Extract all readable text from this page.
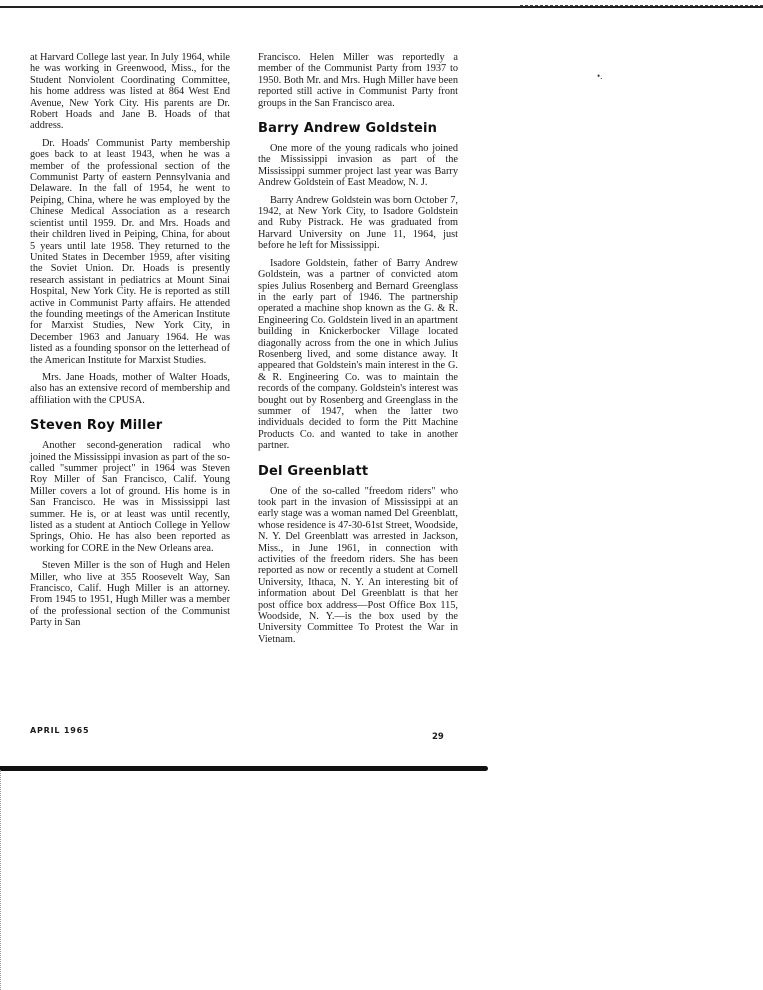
•.

at Harvard College last year. In July 1964, while he was working in Greenwood, Miss., for the Student Nonviolent Coordinating Committee, his home address was listed at 864 West End Avenue, New York City. His parents are Dr. Robert Hoads and Jane B. Hoads of that address.

Dr. Hoads' Communist Party membership goes back to at least 1943, when he was a member of the professional section of the Communist Party of eastern Pennsylvania and Delaware. In the fall of 1954, he went to Peiping, China, where he was employed by the Chinese Medical Association as a research scientist until 1959. Dr. and Mrs. Hoads and their children lived in Peiping, China, for about 5 years until late 1958. They returned to the United States in December 1959, after visiting the Soviet Union. Dr. Hoads is presently research assistant in pediatrics at Mount Sinai Hospital, New York City. He is reported as still active in Communist Party affairs. He attended the founding meetings of the American Institute for Marxist Studies, New York City, in December 1963 and January 1964. He was listed as a founding sponsor on the letterhead of the American Institute for Marxist Studies.

Mrs. Jane Hoads, mother of Walter Hoads, also has an extensive record of membership and affiliation with the CPUSA.

Steven Roy Miller

Another second-generation radical who joined the Mississippi invasion as part of the so-called "summer project" in 1964 was Steven Roy Miller of San Francisco, Calif. Young Miller covers a lot of ground. His home is in San Francisco. He was in Mississippi last summer. He is, or at least was until recently, listed as a student at Antioch College in Yellow Springs, Ohio. He has also been reported as working for CORE in the New Orleans area.

Steven Miller is the son of Hugh and Helen Miller, who live at 355 Roosevelt Way, San Francisco, Calif. Hugh Miller is an attorney. From 1945 to 1951, Hugh Miller was a member of the professional section of the Communist Party in San

Francisco. Helen Miller was reportedly a member of the Communist Party from 1937 to 1950. Both Mr. and Mrs. Hugh Miller have been reported still active in Communist Party front groups in the San Francisco area.

Barry Andrew Goldstein

One more of the young radicals who joined the Mississippi invasion as part of the Mississippi summer project last year was Barry Andrew Goldstein of East Meadow, N. J.

Barry Andrew Goldstein was born October 7, 1942, at New York City, to Isadore Goldstein and Ruby Pistrack. He was graduated from Harvard University on June 11, 1964, just before he left for Mississippi.

Isadore Goldstein, father of Barry Andrew Goldstein, was a partner of convicted atom spies Julius Rosenberg and Bernard Greenglass in the early part of 1946. The partnership operated a machine shop known as the G. & R. Engineering Co. Goldstein lived in an apartment building in Knickerbocker Village located diagonally across from the one in which Julius Rosenberg lived, and some distance away. It appeared that Goldstein's main interest in the G. & R. Engineering Co. was to maintain the records of the company. Goldstein's interest was bought out by Rosenberg and Greenglass in the summer of 1947, when the latter two individuals decided to form the Pitt Machine Products Co. and wanted to take in another partner.

Del Greenblatt

One of the so-called "freedom riders" who took part in the invasion of Mississippi at an early stage was a woman named Del Greenblatt, whose residence is 47-30-61st Street, Woodside, N. Y. Del Greenblatt was arrested in Jackson, Miss., in June 1961, in connection with activities of the freedom riders. She has been reported as now or recently a student at Cornell University, Ithaca, N. Y. An interesting bit of information about Del Greenblatt is that her post office box address—Post Office Box 115, Woodside, N. Y.—is the box used by the University Committee To Protest the War in Vietnam.

APRIL 1965
29
